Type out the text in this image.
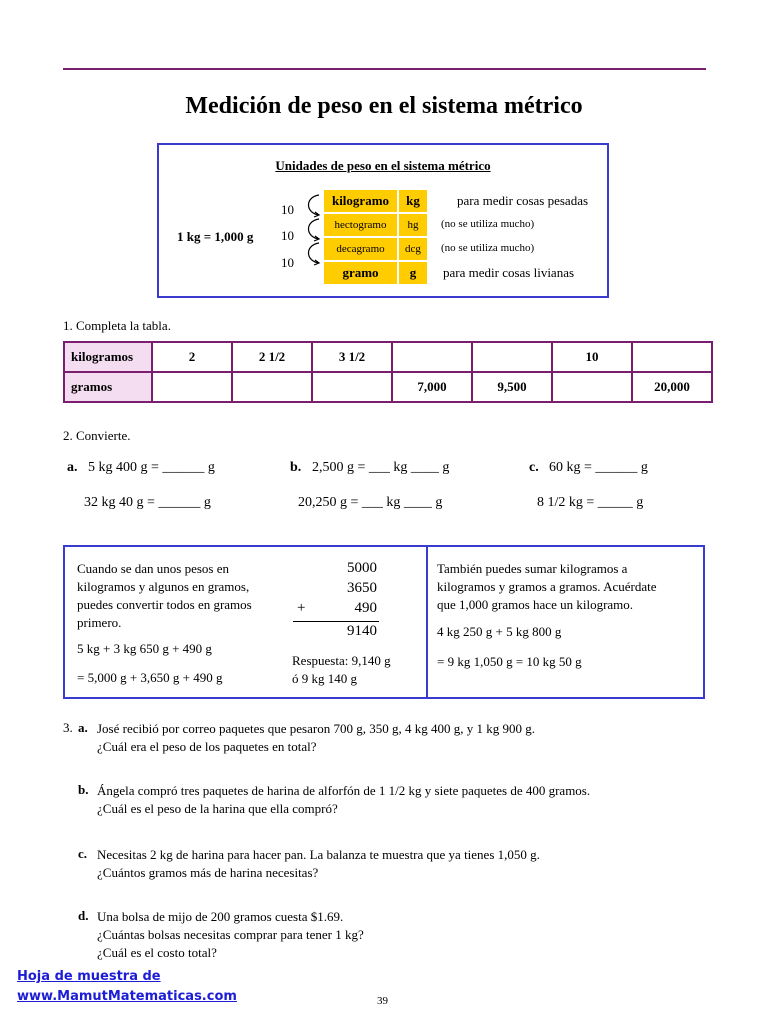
Medición de peso en el sistema métrico
Unidades de peso en el sistema métrico
1 kg = 1,000 g
10
10
10
kilogramo	kg	para medir cosas pesadas
hectogramo	hg	(no se utiliza mucho)
decagramo	dcg	(no se utiliza mucho)
gramo	g	para medir cosas livianas
1. Completa la tabla.
kilogramos	2	2 1/2	3 1/2			10	
gramos				7,000	9,500		20,000
2. Convierte.
a. 5 kg 400 g = ______ g
32 kg 40 g = ______ g
b. 2,500 g = ___ kg ____ g
20,250 g = ___ kg ____ g
c. 60 kg = ______ g
8 1/2 kg = _____ g
Cuando se dan unos pesos en
kilogramos y algunos en gramos,
puedes convertir todos en gramos
primero.
5 kg + 3 kg 650 g + 490 g
= 5,000 g + 3,650 g + 490 g
5000
3650
+	490
9140
Respuesta: 9,140 g
ó 9 kg 140 g
También puedes sumar kilogramos a
kilogramos y gramos a gramos. Acuérdate
que 1,000 gramos hace un kilogramo.
4 kg 250 g + 5 kg 800 g
= 9 kg 1,050 g = 10 kg 50 g
3. a. José recibió por correo paquetes que pesaron 700 g, 350 g, 4 kg 400 g, y 1 kg 900 g.
¿Cuál era el peso de los paquetes en total?
b. Ángela compró tres paquetes de harina de alforfón de 1 1/2 kg y siete paquetes de 400 gramos.
¿Cuál es el peso de la harina que ella compró?
c. Necesitas 2 kg de harina para hacer pan. La balanza te muestra que ya tienes 1,050 g.
¿Cuántos gramos más de harina necesitas?
d. Una bolsa de mijo de 200 gramos cuesta $1.69.
¿Cuántas bolsas necesitas comprar para tener 1 kg?
¿Cuál es el costo total?
Hoja de muestra de
www.MamutMatematicas.com	39
